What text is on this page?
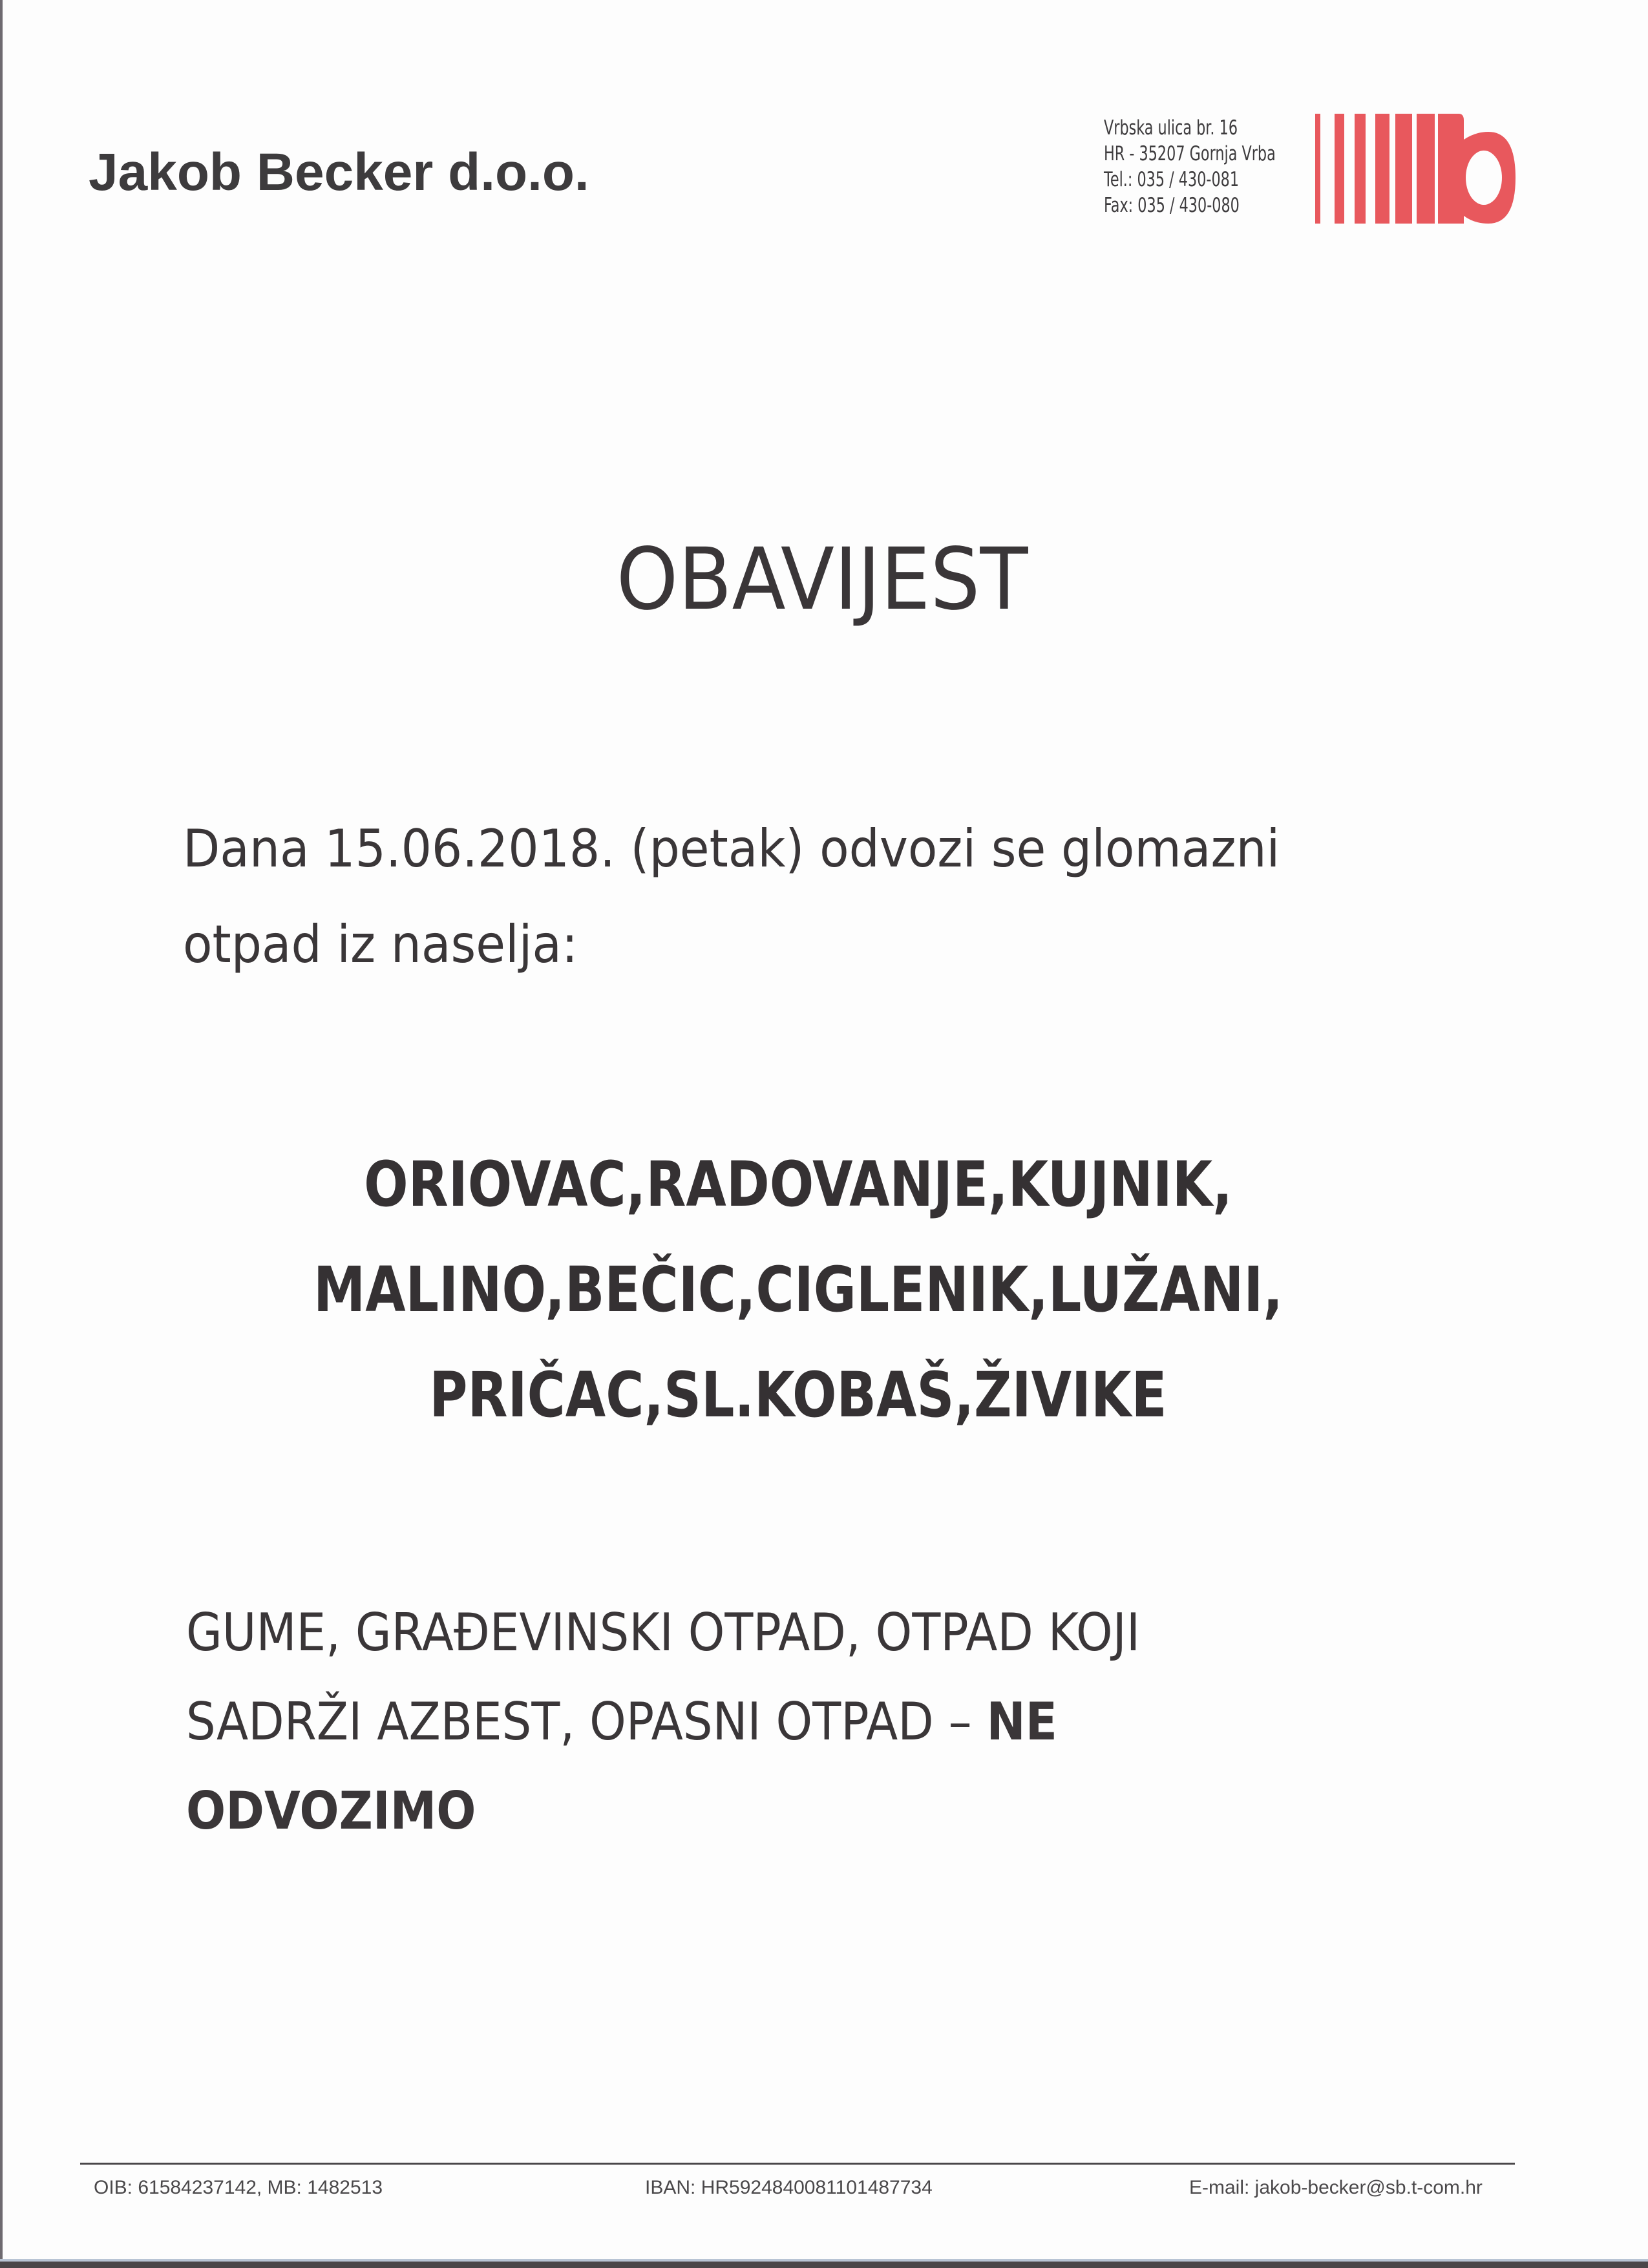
Jakob Becker d.o.o.
Vrbska ulica br. 16
HR - 35207 Gornja Vrba
Tel.: 035 / 430-081
Fax: 035 / 430-080
OBAVIJEST
Dana 15.06.2018. (petak) odvozi se glomazni
otpad iz naselja:
ORIOVAC,RADOVANJE,KUJNIK,
MALINO,BEČIC,CIGLENIK,LUŽANI,
PRIČAC,SL.KOBAŠ,ŽIVIKE
GUME, GRAĐEVINSKI OTPAD, OTPAD KOJI
SADRŽI AZBEST, OPASNI OTPAD – NE
ODVOZIMO
OIB: 61584237142, MB: 1482513	IBAN: HR5924840081101487734	E-mail: jakob-becker@sb.t-com.hr
